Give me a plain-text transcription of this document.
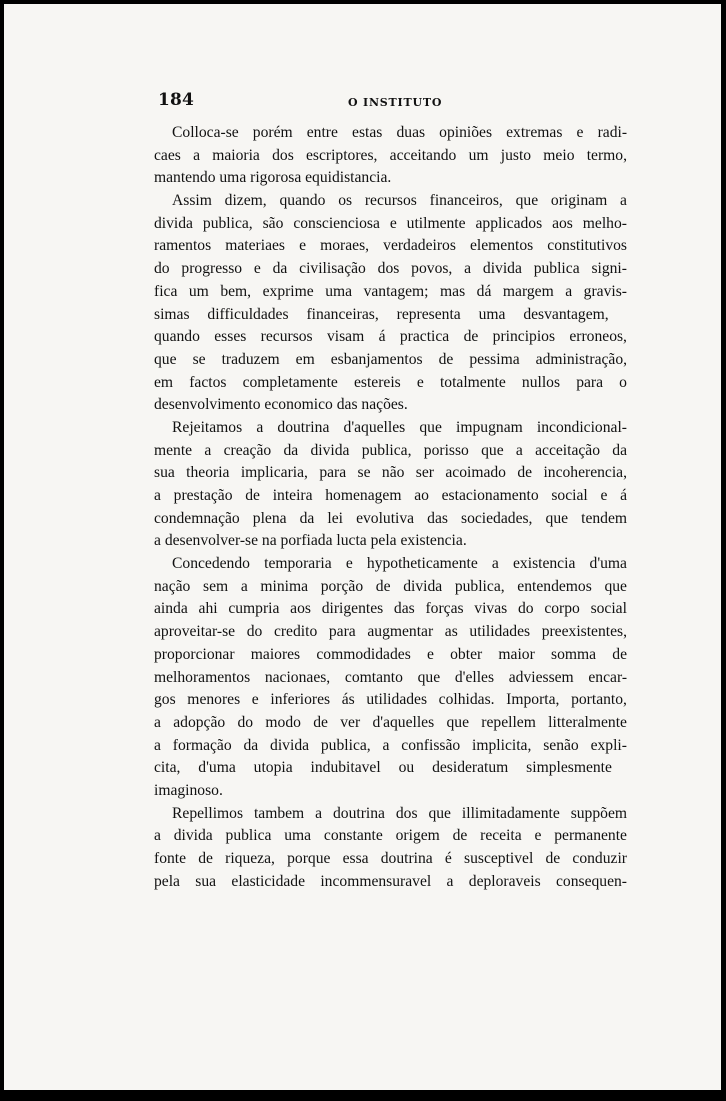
184	O INSTITUTO
Colloca-se porém entre estas duas opiniões extremas e radi-
caes a maioria dos escriptores, acceitando um justo meio termo,
mantendo uma rigorosa equidistancia.
Assim dizem, quando os recursos financeiros, que originam a
divida publica, são conscienciosa e utilmente applicados aos melho-
ramentos materiaes e moraes, verdadeiros elementos constitutivos
do progresso e da civilisação dos povos, a divida publica signi-
fica um bem, exprime uma vantagem; mas dá margem a gravis-
simas difficuldades financeiras, representa uma desvantagem,
quando esses recursos visam á practica de principios erroneos,
que se traduzem em esbanjamentos de pessima administração,
em factos completamente estereis e totalmente nullos para o
desenvolvimento economico das nações.
Rejeitamos a doutrina d'aquelles que impugnam incondicional-
mente a creação da divida publica, porisso que a acceitação da
sua theoria implicaria, para se não ser acoimado de incoherencia,
a prestação de inteira homenagem ao estacionamento social e á
condemnação plena da lei evolutiva das sociedades, que tendem
a desenvolver-se na porfiada lucta pela existencia.
Concedendo temporaria e hypotheticamente a existencia d'uma
nação sem a minima porção de divida publica, entendemos que
ainda ahi cumpria aos dirigentes das forças vivas do corpo social
aproveitar-se do credito para augmentar as utilidades preexistentes,
proporcionar maiores commodidades e obter maior somma de
melhoramentos nacionaes, comtanto que d'elles adviessem encar-
gos menores e inferiores ás utilidades colhidas. Importa, portanto,
a adopção do modo de ver d'aquelles que repellem litteralmente
a formação da divida publica, a confissão implicita, senão expli-
cita, d'uma utopia indubitavel ou desideratum simplesmente
imaginoso.
Repellimos tambem a doutrina dos que illimitadamente suppõem
a divida publica uma constante origem de receita e permanente
fonte de riqueza, porque essa doutrina é susceptivel de conduzir
pela sua elasticidade incommensuravel a deploraveis consequen-
